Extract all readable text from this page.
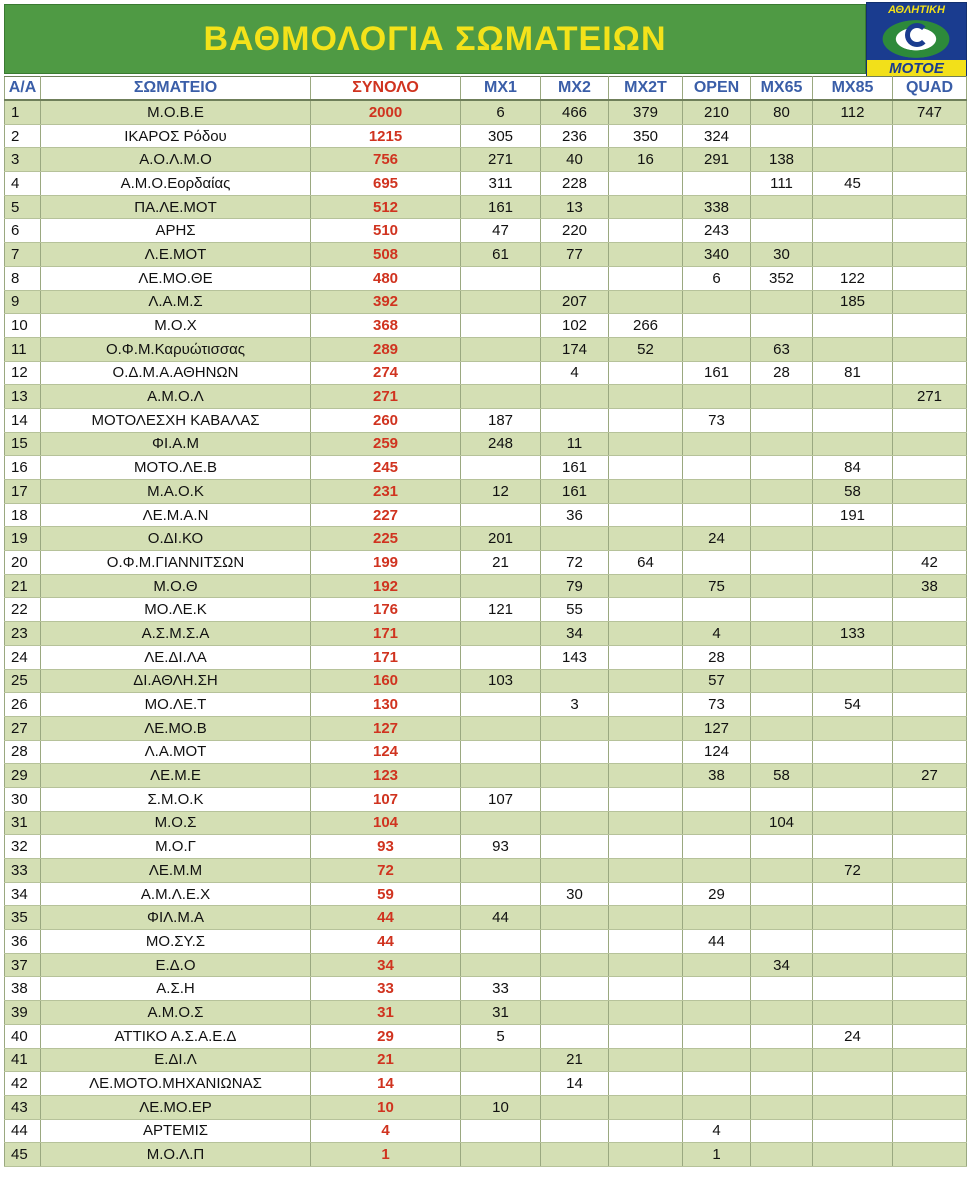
ΒΑΘΜΟΛΟΓΙΑ ΣΩΜΑΤΕΙΩΝ
ΑΘΛΗΤΙΚΗ
ΜΟΤΟΕ
Α/Α	ΣΩΜΑΤΕΙΟ	ΣΥΝΟΛΟ	MX1	MX2	MX2T	OPEN	MX65	MX85	QUAD
1	Μ.Ο.Β.Ε	2000	6	466	379	210	80	112	747
2	ΙΚΑΡΟΣ Ρόδου	1215	305	236	350	324			
3	Α.Ο.Λ.Μ.Ο	756	271	40	16	291	138		
4	Α.Μ.Ο.Εορδαίας	695	311	228			111	45	
5	ΠΑ.ΛΕ.ΜΟΤ	512	161	13		338			
6	ΑΡΗΣ	510	47	220		243			
7	Λ.Ε.ΜΟΤ	508	61	77		340	30		
8	ΛΕ.ΜΟ.ΘΕ	480				6	352	122	
9	Λ.Α.Μ.Σ	392		207				185	
10	Μ.Ο.Χ	368		102	266				
11	Ο.Φ.Μ.Καρυώτισσας	289		174	52		63		
12	Ο.Δ.Μ.Α.ΑΘΗΝΩΝ	274		4		161	28	81	
13	Α.Μ.Ο.Λ	271							271
14	ΜΟΤΟΛΕΣΧΗ ΚΑΒΑΛΑΣ	260	187			73			
15	ΦΙ.Α.Μ	259	248	11					
16	ΜΟΤΟ.ΛΕ.Β	245		161				84	
17	Μ.Α.Ο.Κ	231	12	161				58	
18	ΛΕ.Μ.Α.Ν	227		36				191	
19	Ο.ΔΙ.ΚΟ	225	201			24			
20	Ο.Φ.Μ.ΓΙΑΝΝΙΤΣΩΝ	199	21	72	64				42
21	Μ.Ο.Θ	192		79		75			38
22	ΜΟ.ΛΕ.Κ	176	121	55					
23	Α.Σ.Μ.Σ.Α	171		34		4		133	
24	ΛΕ.ΔΙ.ΛΑ	171		143		28			
25	ΔΙ.ΑΘΛΗ.ΣΗ	160	103			57			
26	ΜΟ.ΛΕ.Τ	130		3		73		54	
27	ΛΕ.ΜΟ.Β	127				127			
28	Λ.Α.ΜΟΤ	124				124			
29	ΛΕ.Μ.Ε	123				38	58		27
30	Σ.Μ.Ο.Κ	107	107						
31	Μ.Ο.Σ	104					104		
32	Μ.Ο.Γ	93	93						
33	ΛΕ.Μ.Μ	72						72	
34	Α.Μ.Λ.Ε.Χ	59		30		29			
35	ΦΙΛ.Μ.Α	44	44						
36	ΜΟ.ΣΥ.Σ	44				44			
37	Ε.Δ.Ο	34					34		
38	Α.Σ.Η	33	33						
39	Α.Μ.Ο.Σ	31	31						
40	ΑΤΤΙΚΟ Α.Σ.Α.Ε.Δ	29	5					24	
41	Ε.ΔΙ.Λ	21		21					
42	ΛΕ.ΜΟΤΟ.ΜΗΧΑΝΙΩΝΑΣ	14		14					
43	ΛΕ.ΜΟ.ΕΡ	10	10						
44	ΑΡΤΕΜΙΣ	4				4			
45	Μ.Ο.Λ.Π	1				1			
